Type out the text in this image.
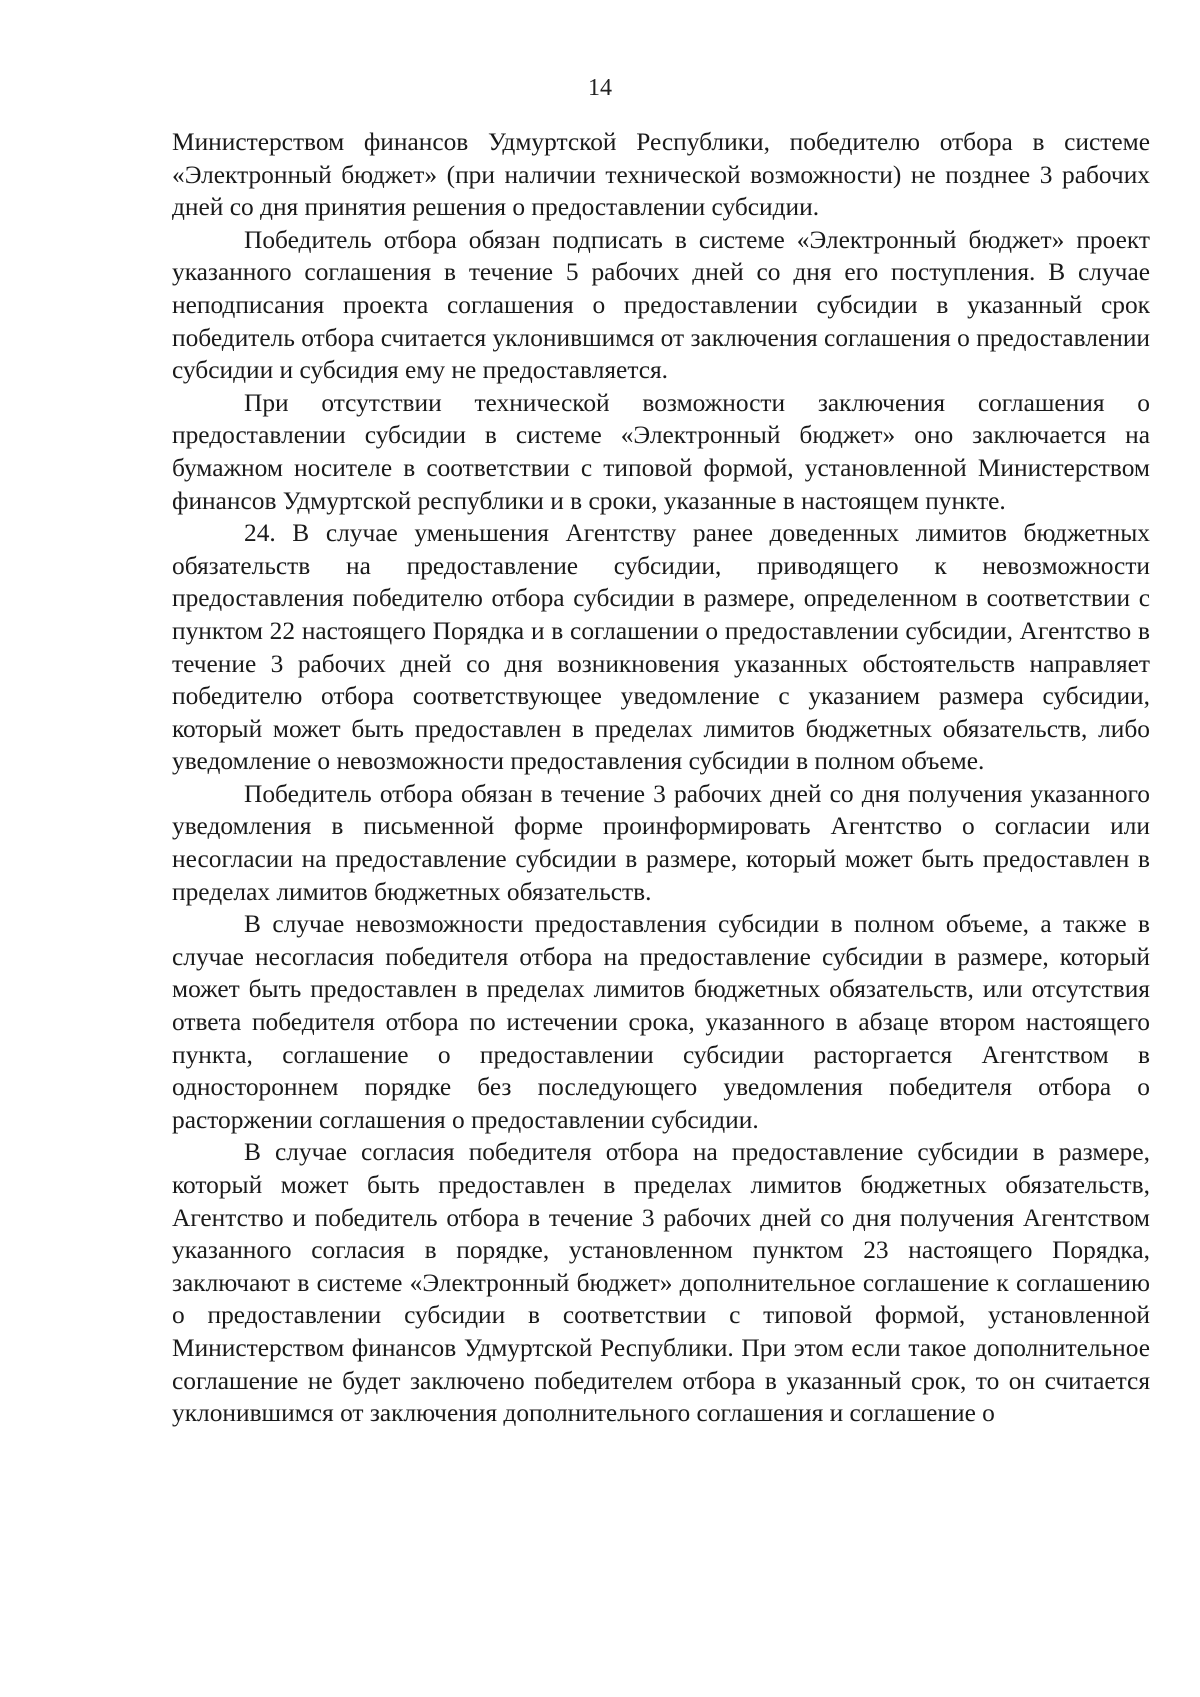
14

Министерством финансов Удмуртской Республики, победителю отбора в системе «Электронный бюджет» (при наличии технической возможности) не позднее 3 рабочих дней со дня принятия решения о предоставлении субсидии.

Победитель отбора обязан подписать в системе «Электронный бюджет» проект указанного соглашения в течение 5 рабочих дней со дня его поступления. В случае неподписания проекта соглашения о предоставлении субсидии в указанный срок победитель отбора считается уклонившимся от заключения соглашения о предоставлении субсидии и субсидия ему не предоставляется.

При отсутствии технической возможности заключения соглашения о предоставлении субсидии в системе «Электронный бюджет» оно заключается на бумажном носителе в соответствии с типовой формой, установленной Министерством финансов Удмуртской республики и в сроки, указанные в настоящем пункте.

24. В случае уменьшения Агентству ранее доведенных лимитов бюджетных обязательств на предоставление субсидии, приводящего к невозможности предоставления победителю отбора субсидии в размере, определенном в соответствии с пунктом 22 настоящего Порядка и в соглашении о предоставлении субсидии, Агентство в течение 3 рабочих дней со дня возникновения указанных обстоятельств направляет победителю отбора соответствующее уведомление с указанием размера субсидии, который может быть предоставлен в пределах лимитов бюджетных обязательств, либо уведомление о невозможности предоставления субсидии в полном объеме.

Победитель отбора обязан в течение 3 рабочих дней со дня получения указанного уведомления в письменной форме проинформировать Агентство о согласии или несогласии на предоставление субсидии в размере, который может быть предоставлен в пределах лимитов бюджетных обязательств.

В случае невозможности предоставления субсидии в полном объеме, а также в случае несогласия победителя отбора на предоставление субсидии в размере, который может быть предоставлен в пределах лимитов бюджетных обязательств, или отсутствия ответа победителя отбора по истечении срока, указанного в абзаце втором настоящего пункта, соглашение о предоставлении субсидии расторгается Агентством в одностороннем порядке без последующего уведомления победителя отбора о расторжении соглашения о предоставлении субсидии.

В случае согласия победителя отбора на предоставление субсидии в размере, который может быть предоставлен в пределах лимитов бюджетных обязательств, Агентство и победитель отбора в течение 3 рабочих дней со дня получения Агентством указанного согласия в порядке, установленном пунктом 23 настоящего Порядка, заключают в системе «Электронный бюджет» дополнительное соглашение к соглашению о предоставлении субсидии в соответствии с типовой формой, установленной Министерством финансов Удмуртской Республики. При этом если такое дополнительное соглашение не будет заключено победителем отбора в указанный срок, то он считается уклонившимся от заключения дополнительного соглашения и соглашение о
